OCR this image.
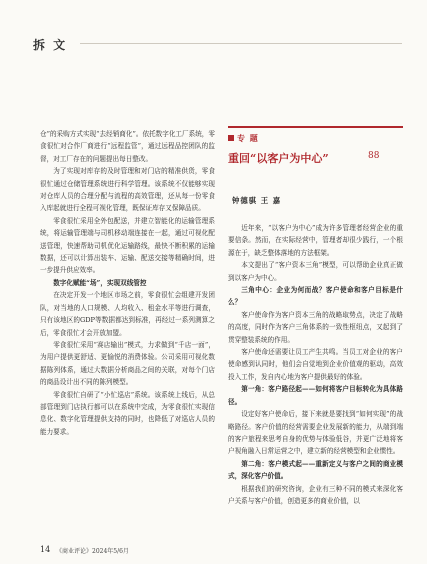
拆 文

仓”的采购方式实现“去经销商化”。依托数字化工厂系统，零食很忙对合作厂商进行“远程监管”，通过远程品控团队的监督，对工厂存在的问题提出每日整改。

为了实现对库存的及时管理和对门店的精准供货，零食很忙通过仓储管理系统进行科学管理。该系统不仅能够实现对仓库人员的合理分配与流程的高效管理，还从每一份零食入库起就进行全程可视化管理，既保证库存又保障品质。

零食很忙采用全外包配送，并建立智能化的运输管理系统，将运输管理端与司机移动端连接在一起，通过可视化配送管理，快速帮助司机优化运输路线，最快不断积累的运输数据，还可以计算出装车、运输、配送交接等精确时间，进一步提升供应效率。

数字化赋能“场”，实现双线管控

在决定开发一个地区市场之前，零食很忙会组建开发团队，对当地的人口规模、人均收入、租金水平等进行调查，只有该地区的GDP等数据都达到标准，再经过一系列测算之后，零食很忙才会开放加盟。

零食很忙采用“赛店输出”模式，力求做到“千店一面”，为用户提供更舒适、更愉悦的消费体验。公司采用可视化数据陈列体系，通过大数据分析商品之间的关联，对每个门店的商品设计出不同的陈列模型。

零食很忙自研了“小忙巡店”系统。该系统上线后，从总部管理到门店执行都可以在系统中完成，为零食很忙实现信息化、数字化管理提供支持的同时，也降低了对巡店人员的能力要求。

专 题
重回“以客户为中心”	88
钟德骐 王 嘉

近年来，“以客户为中心”成为许多管理者经营企业的重要信条。然而，在实际经营中，管理者却很少践行，一个根源在于，缺乏整体落地的方法框架。

本文提出了“客户资本三角”模型，可以帮助企业真正做到以客户为中心。

三角中心：企业为何而战？客户使命和客户目标是什么？

客户使命作为客户资本三角的战略取势点，决定了战略的高度，同时作为客户三角体系的一致性枢纽点，又起到了贯穿整装系统的作用。

客户使命还需要让员工产生共鸣。当员工对企业的客户使命感到认同时，他们会自觉地到企业价值观的驱动，高效投入工作，发自内心地为客户提供最好的体验。

第一角：客户路径起——如何将客户目标转化为具体路径。

设定好客户使命后，接下来就是要找到“如何实现”的战略路径。客户价值的经营需要企业发展新的能力，从端到端的客户旅程来思考自身的优势与体验低谷，并更广泛地将客户视角融入日常运营之中，建立新的经营模型和企业惯性。

第二角：客户模式起——重新定义与客户之间的商业模式，深化客户价值。

根据我们的研究咨询，企业有三种不同的模式来深化客户关系与客户价值，创造更多的商业价值，以

14 《商业评论》2024年5/6月
